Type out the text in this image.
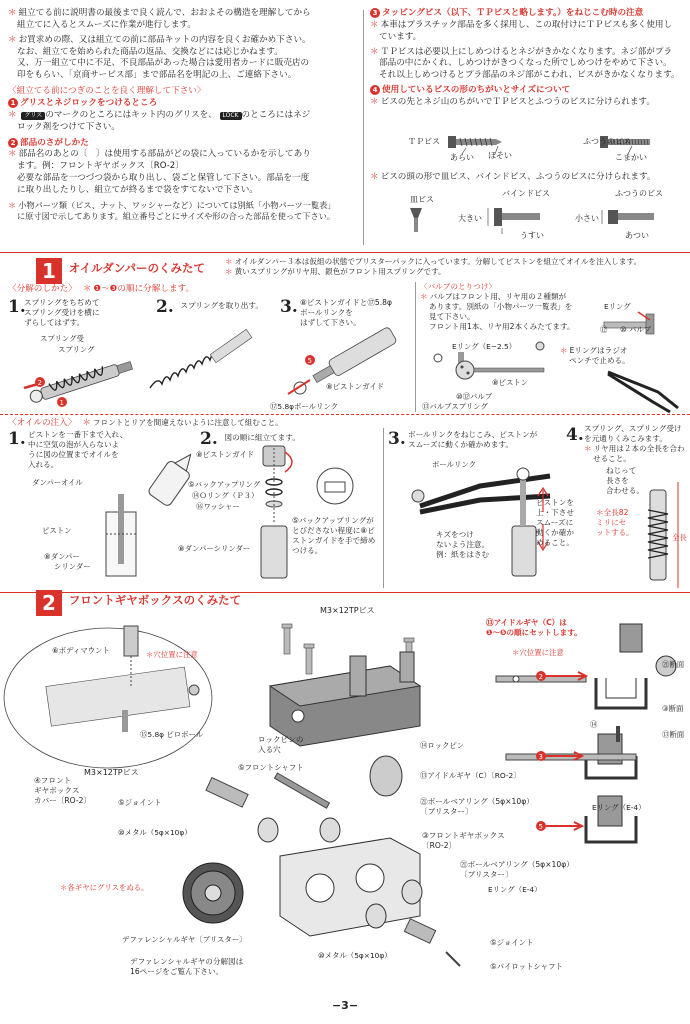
＊ 組立てる前に説明書の最後まで良く読んで、おおよその構造を理解してから

組立てに入るとスムーズに作業が進行します。

＊ お買求めの際、又は組立ての前に部品キットの内容を良くお確かめ下さい。

なお、組立てを始められた商品の返品、交換などには応じかねます。

又、万一組立て中に不足、不良部品があった場合は愛用者カードに販売店の

印をもらい、「京商サービス部」まで部品名を明記の上、ご連絡下さい。

〈組立てる前につぎのことを良く理解して下さい〉
1 グリスとネジロックをつけるところ

＊ グリス のマークのところにはキット内のグリスを、 LOCK のところにはネジ

ロック剤をつけて下さい。

2 部品のさがしかた

＊ 部品名のあとの〔　〕は使用する部品がどの袋に入っているかを示してあり

ます。例：フロントギヤボックス〔RO-2〕

必要な部品を一つづつ袋から取り出し、袋ごと保管して下さい。部品を一度

に取り出したりし、組立てが終るまで袋をすてないで下さい。

＊ 小物パーツ類（ビス、ナット、ワッシャーなど）については別紙「小物パーツ一覧表」

に原寸図で示してあります。組立番号ごとにサイズや形の合った部品を使って下さい。

3 タッピングビス（以下、ＴＰビスと略します。）をねじこむ時の注意

＊ 本車はプラスチック部品を多く採用し、この取付けにＴＰビスも多く使用し

ています。

＊ ＴＰビスは必要以上にしめつけるとネジがきかなくなります。ネジ部がプラ

部品の中にかくれ、しめつけがきつくなった所でしめつけをやめて下さい。

それ以上しめつけるとプラ部品のネジ部がこわれ、ビスがきかなくなります。

4 使用しているビスの形のちがいとサイズについて

＊ ビスの先とネジ山のちがいでＴＰビスとふつうのビスに分けられます。

ＴＰビス	ふつうのビス
あらい ほそい	こまかい

＊ ビスの頭の形で皿ビス、バインドビス、ふつうのビスに分けられます。

皿ビス
バインドビス	ふつうのビス
大きい
うすい
小さい
あつい
1 オイルダンパーのくみたて	＊ オイルダンパー３本は仮組の状態でブリスターパックに入っています。分解してピストンを組立てオイルを注入します。

＊ 黄いスプリングがリヤ用、銀色がフロント用スプリングです。

〈分解のしかた〉 ＊ ❶〜❸の順に分解します。
1.

スプリングをちぢめて

スプリング受けを横に

ずらしてはずす。

スプリング受
スプリング
2
1
2. スプリングを取り出す。 3. ⑧ピストンガイドと⑰5.8φ

ボールリンクを

はずして下さい。

5
⑧ピストンガイド
⑰5.8φボールリンク

〈バルブのとりつけ〉

＊ バルブはフロント用、リヤ用の２種類が

あります。別紙の「小物パーツ一覧表」を

見て下さい。

フロント用1本、リヤ用2本くみたてます。

Eリング（E−2.5）
⑧ピストン
⑩⑫バルブ
⑬バルブスプリング
Eリング
⑫ ⑩ バルブ

＊ Eリングはラジオ

ペンチで止める。

〈オイルの注入〉 ＊ フロントとリアを間違えないように注意して組むこと。
1. ピストンを一番下まで入れ、

中に空気の泡が入らないよ

うに図の位置までオイルを

入れる。

ダンパーオイル
ピストン
⑧ダンパー
シリンダー
2. 図の順に組立てます。
⑧ピストンガイド
⑤バックアップリング
⑭Ｏリング（Ｐ３）
⑯ワッシャー
⑧ダンパーシリンダー

⑤バックアップリングが

とびださない程度に⑧ピ

ストンガイドを手で締め

つける。

3. ボールリンクをねじこみ、ピストンが

スムーズに動くか確かめます。

ボールリンク

キズをつけ

ないよう注意。

例：紙をはさむ

ピストンを

上・下させ

スムーズに

動くか確か

めること。

4. スプリング、スプリング受け

を元通りくみこみます。

＊ リヤ用は２本の全長を合わ

せること。

ねじって

長さを

合わせる。

＊全長82

ミリにセ

ットする。

全長
2 フロントギヤボックスのくみたて
M3×12TPビス
⑥ボディマウント	＊穴位置に注意
⑮5.8φ ピロボール
M3×12TPビス

④フロント

ギヤボックス

カバー〔RO-2〕	⑤ジョイント
⑩メタル（5φ×10φ）
＊各ギヤにグリスをぬる。
デファレンシャルギヤ〔ブリスター〕

デファレンシャルギヤの分解図は

16ページをご覧ん下さい。

ロックピンの

入る穴

⑤フロントシャフト
⑭ロックピン
⑬アイドルギヤ（C）〔RO-2〕

㉑ボールベアリング（5φ×10φ）

〔ブリスター〕

③フロントギヤボックス

〔RO-2〕

㉑ボールベアリング（5φ×10φ）

〔ブリスター〕

Eリング（E-4）
⑤ジョイント
⑩メタル（5φ×10φ）
⑤パイロットシャフト

⑬アイドルギヤ（C）は

❶〜❺の順にセットします。

＊穴位置に注意
2
3
5
㉑断面
③断面
⑭
⑬断面
Eリング（E-4）
−3−
